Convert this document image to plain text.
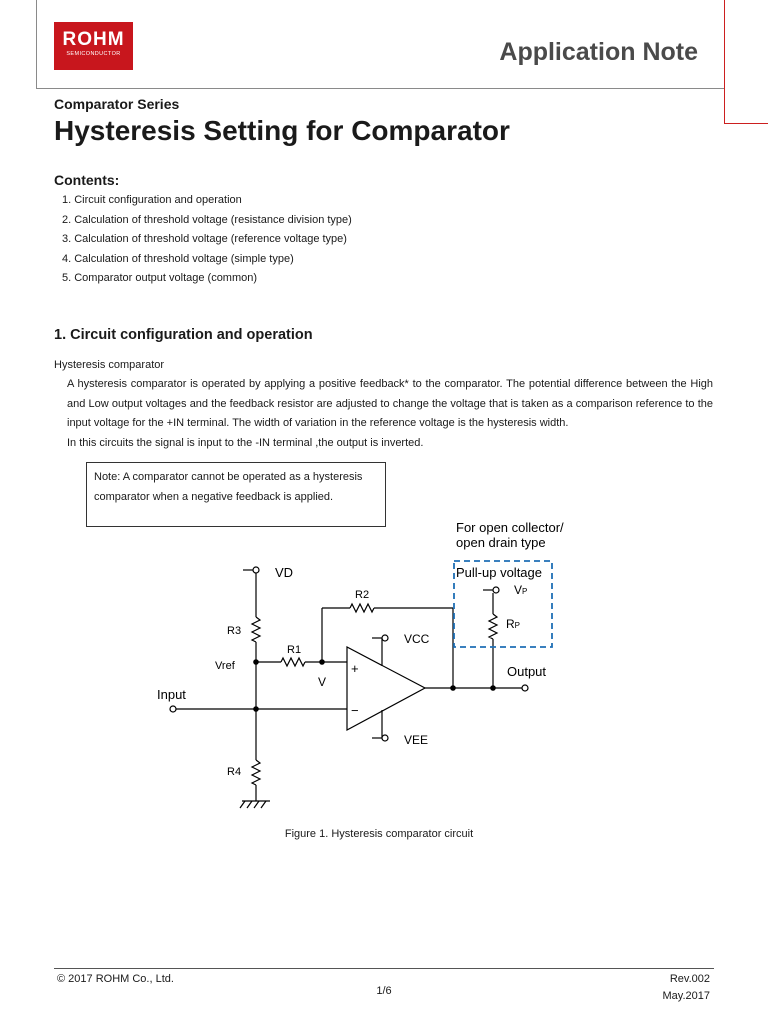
ROHM
SEMICONDUCTOR	Application Note
Comparator Series
Hysteresis Setting for Comparator
Contents:
1. Circuit configuration and operation
2. Calculation of threshold voltage (resistance division type)
3. Calculation of threshold voltage (reference voltage type)
4. Calculation of threshold voltage (simple type)
5. Comparator output voltage (common)
1. Circuit configuration and operation
Hysteresis comparator

A hysteresis comparator is operated by applying a positive feedback* to the comparator. The potential difference between the High and Low output voltages and the feedback resistor are adjusted to change the voltage that is taken as a comparison reference to the input voltage for the +IN terminal. The width of variation in the reference voltage is the hysteresis width.

In this circuits the signal is input to the -IN terminal ,the output is inverted.

Note: A comparator cannot be operated as a hysteresis comparator when a negative feedback is applied.
For open collector/
open drain type
Pull-up voltage
VD
R2
R3
R1
Vref
V
+
−
VCC
VEE
Input
Output
R4
VP
RP
Figure 1. Hysteresis comparator circuit
© 2017 ROHM Co., Ltd.
1/6
Rev.002
May.2017
